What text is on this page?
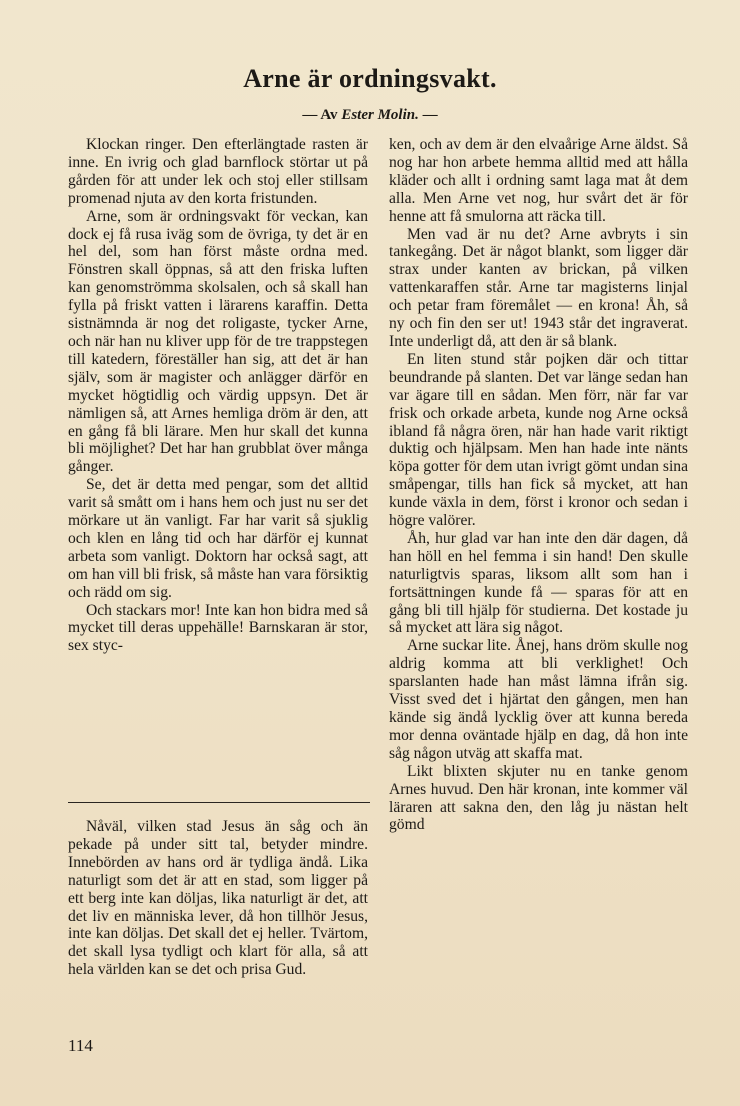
Arne är ordningsvakt.
— Av Ester Molin. —

Klockan ringer. Den efterlängtade rasten är inne. En ivrig och glad barnflock störtar ut på gården för att under lek och stoj eller stillsam promenad njuta av den korta fristunden.

Arne, som är ordningsvakt för veckan, kan dock ej få rusa iväg som de övriga, ty det är en hel del, som han först måste ordna med. Fönstren skall öppnas, så att den friska luften kan genomströmma skolsalen, och så skall han fylla på friskt vatten i lärarens karaffin. Detta sistnämnda är nog det roligaste, tycker Arne, och när han nu kliver upp för de tre trappstegen till katedern, föreställer han sig, att det är han själv, som är magister och anlägger därför en mycket högtidlig och värdig uppsyn. Det är nämligen så, att Arnes hemliga dröm är den, att en gång få bli lärare. Men hur skall det kunna bli möjlighet? Det har han grubblat över många gånger.

Se, det är detta med pengar, som det alltid varit så smått om i hans hem och just nu ser det mörkare ut än vanligt. Far har varit så sjuklig och klen en lång tid och har därför ej kunnat arbeta som vanligt. Doktorn har också sagt, att om han vill bli frisk, så måste han vara försiktig och rädd om sig.

Och stackars mor! Inte kan hon bidra med så mycket till deras uppehälle! Barnskaran är stor, sex styc-

Nåväl, vilken stad Jesus än såg och än pekade på under sitt tal, betyder mindre. Innebörden av hans ord är tydliga ändå. Lika naturligt som det är att en stad, som ligger på ett berg inte kan döljas, lika naturligt är det, att det liv en människa lever, då hon tillhör Jesus, inte kan döljas. Det skall det ej heller. Tvärtom, det skall lysa tydligt och klart för alla, så att hela världen kan se det och prisa Gud.

ken, och av dem är den elvaårige Arne äldst. Så nog har hon arbete hemma alltid med att hålla kläder och allt i ordning samt laga mat åt dem alla. Men Arne vet nog, hur svårt det är för henne att få smulorna att räcka till.

Men vad är nu det? Arne avbryts i sin tankegång. Det är något blankt, som ligger där strax under kanten av brickan, på vilken vattenkaraffen står. Arne tar magisterns linjal och petar fram föremålet — en krona! Åh, så ny och fin den ser ut! 1943 står det ingraverat. Inte underligt då, att den är så blank.

En liten stund står pojken där och tittar beundrande på slanten. Det var länge sedan han var ägare till en sådan. Men förr, när far var frisk och orkade arbeta, kunde nog Arne också ibland få några ören, när han hade varit riktigt duktig och hjälpsam. Men han hade inte nänts köpa gotter för dem utan ivrigt gömt undan sina småpengar, tills han fick så mycket, att han kunde växla in dem, först i kronor och sedan i högre valörer.

Åh, hur glad var han inte den där dagen, då han höll en hel femma i sin hand! Den skulle naturligtvis sparas, liksom allt som han i fortsättningen kunde få — sparas för att en gång bli till hjälp för studierna. Det kostade ju så mycket att lära sig något.

Arne suckar lite. Ånej, hans dröm skulle nog aldrig komma att bli verklighet! Och sparslanten hade han måst lämna ifrån sig. Visst sved det i hjärtat den gången, men han kände sig ändå lycklig över att kunna bereda mor denna oväntade hjälp en dag, då hon inte såg någon utväg att skaffa mat.

Likt blixten skjuter nu en tanke genom Arnes huvud. Den här kronan, inte kommer väl läraren att sakna den, den låg ju nästan helt gömd

114
